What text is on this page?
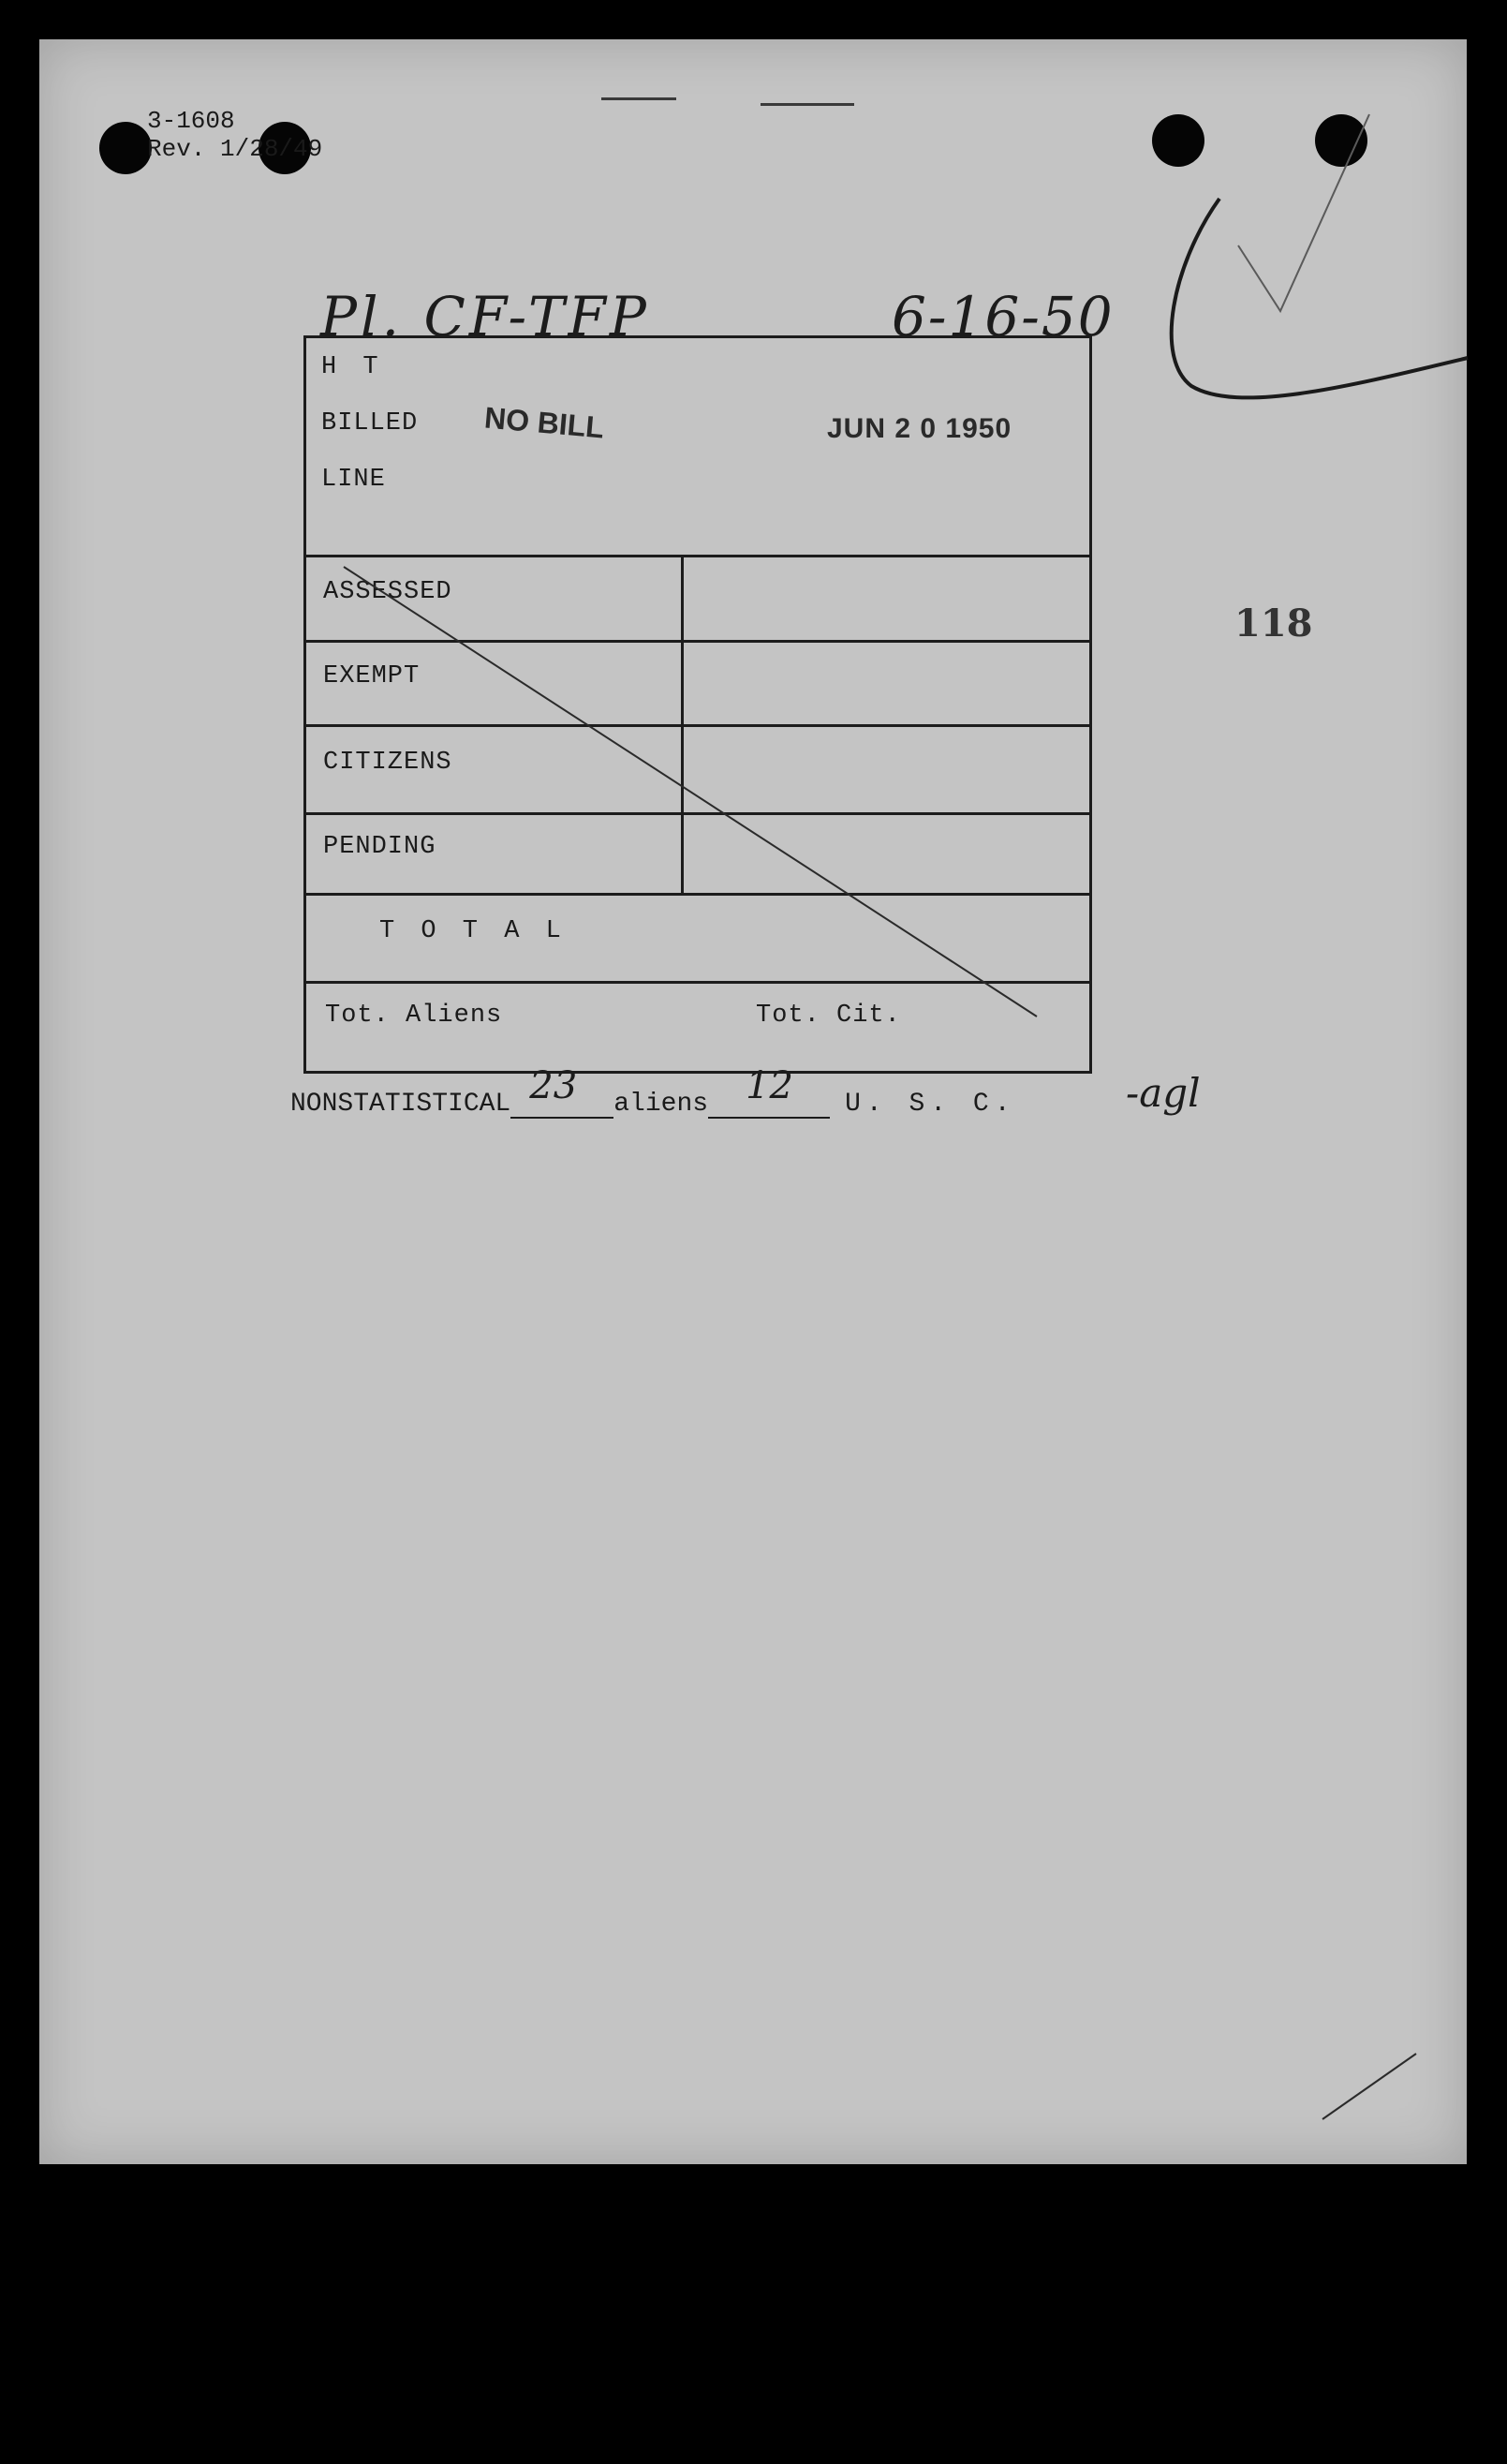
3-1608
Rev. 1/28/49
Pl. CF-TFP	6-16-50
H T
BILLED
LINE
NO BILL	JUN 2 0 1950
ASSESSED
EXEMPT
CITIZENS
PENDING
T O T A L
Tot. Aliens	Tot. Cit.
118
NONSTATISTICAL 23 aliens 12 U. S. C.	-agl
